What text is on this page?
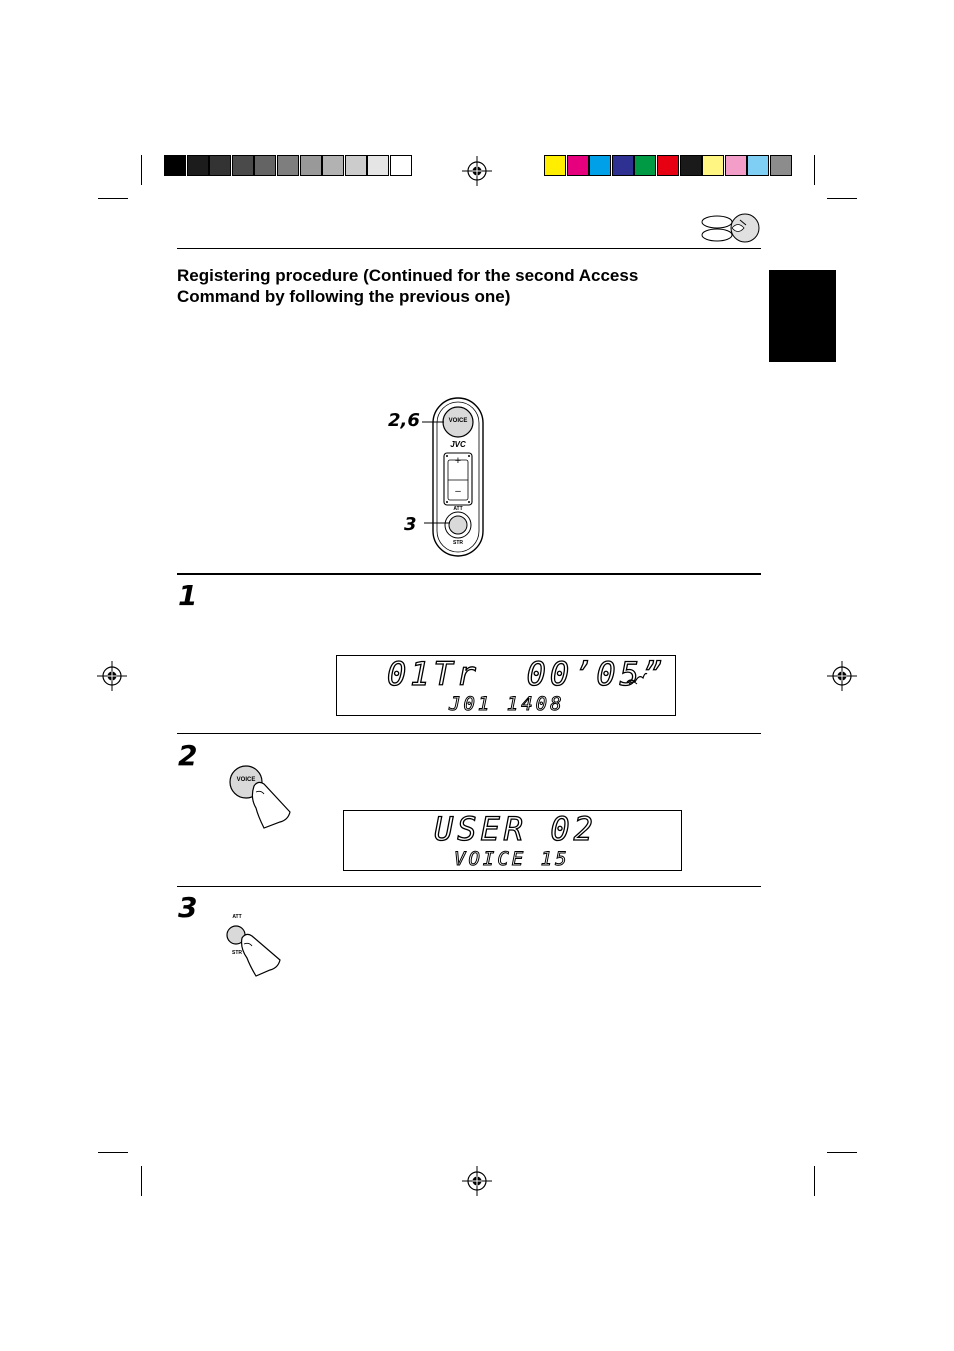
Registering procedure (Continued for the second Access
Command by following the previous one)
VOICE
JVC
+
–
ATT
STR
2,6
3
1
01Tr  00’05”
J01 1408
2
VOICE
USER 02
VOICE 15
3	ATT
STR
